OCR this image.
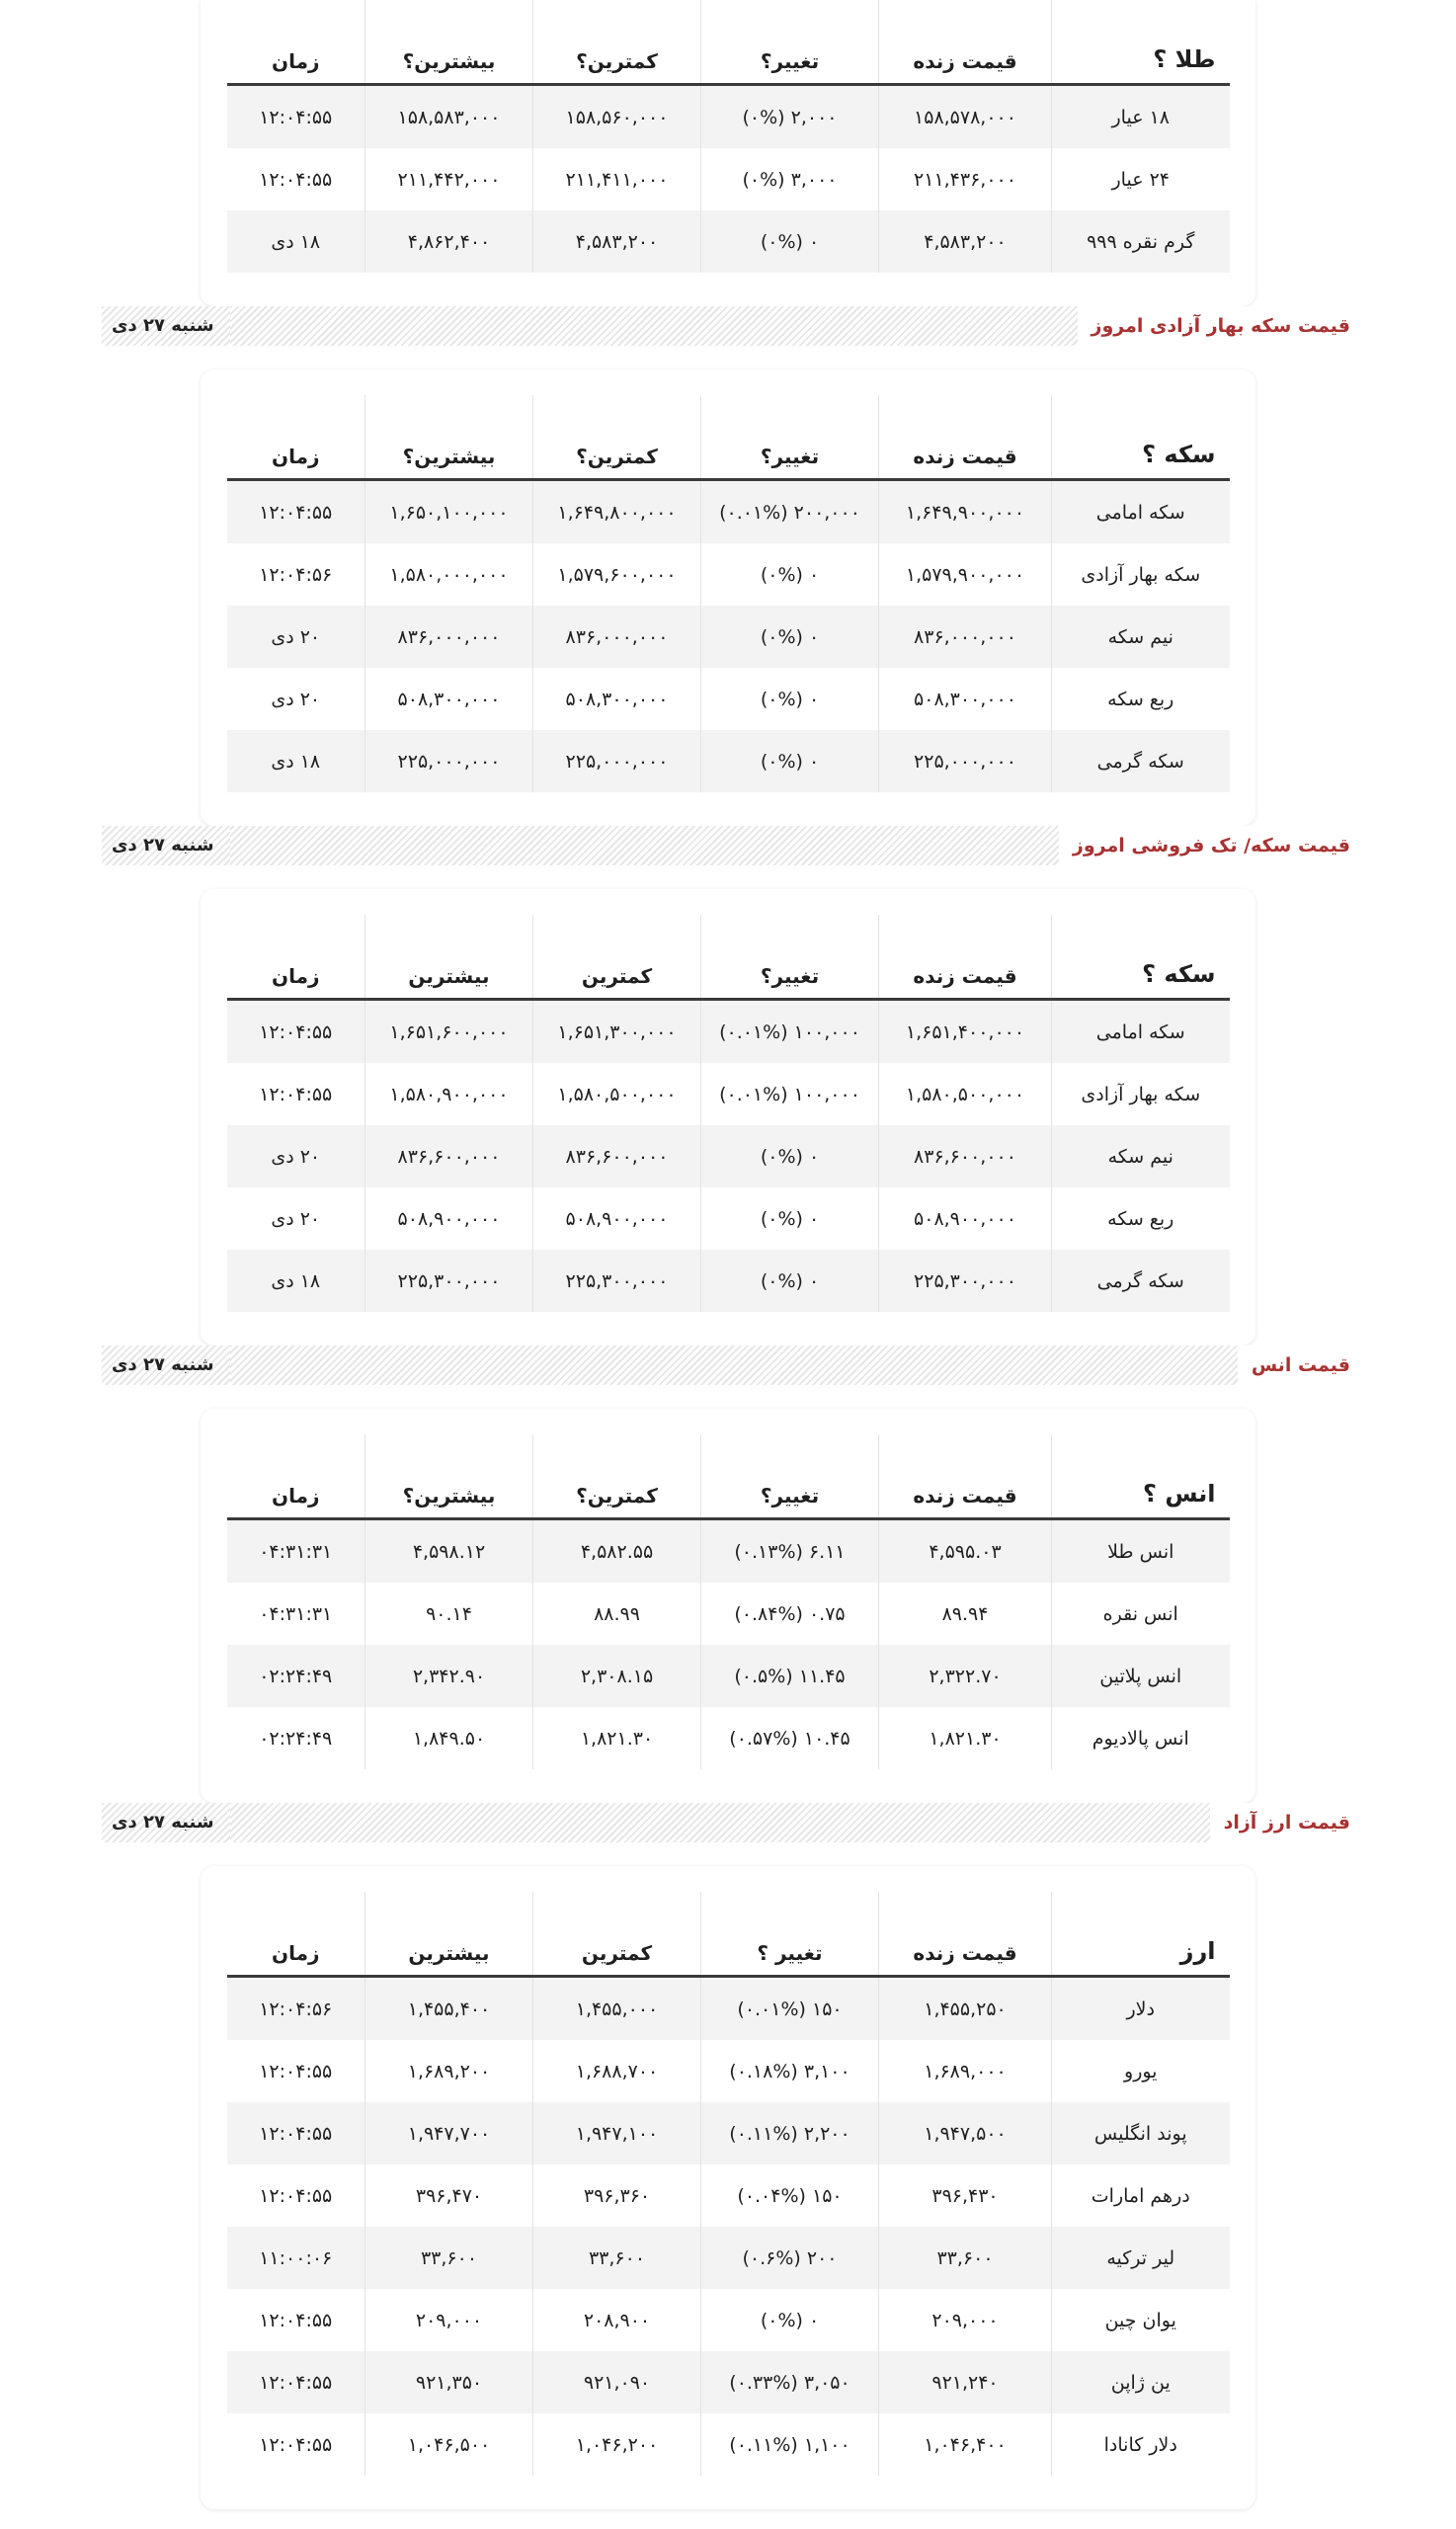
طلا ؟	قیمت زنده	تغییر؟	کمترین؟	بیشترین؟	زمان
۱۸ عیار	۱۵۸,۵۷۸,۰۰۰	۲,۰۰۰ (۰%)	۱۵۸,۵۶۰,۰۰۰	۱۵۸,۵۸۳,۰۰۰	۱۲:۰۴:۵۵
۲۴ عیار	۲۱۱,۴۳۶,۰۰۰	۳,۰۰۰ (۰%)	۲۱۱,۴۱۱,۰۰۰	۲۱۱,۴۴۲,۰۰۰	۱۲:۰۴:۵۵
گرم نقره ۹۹۹	۴,۵۸۳,۲۰۰	۰ (۰%)	۴,۵۸۳,۲۰۰	۴,۸۶۲,۴۰۰	۱۸ دی
قیمت سکه بهار آزادی امروز
شنبه ۲۷ دی
سکه ؟	قیمت زنده	تغییر؟	کمترین؟	بیشترین؟	زمان
سکه امامی	۱,۶۴۹,۹۰۰,۰۰۰	۲۰۰,۰۰۰ (۰.۰۱%)	۱,۶۴۹,۸۰۰,۰۰۰	۱,۶۵۰,۱۰۰,۰۰۰	۱۲:۰۴:۵۵
سکه بهار آزادی	۱,۵۷۹,۹۰۰,۰۰۰	۰ (۰%)	۱,۵۷۹,۶۰۰,۰۰۰	۱,۵۸۰,۰۰۰,۰۰۰	۱۲:۰۴:۵۶
نیم سکه	۸۳۶,۰۰۰,۰۰۰	۰ (۰%)	۸۳۶,۰۰۰,۰۰۰	۸۳۶,۰۰۰,۰۰۰	۲۰ دی
ربع سکه	۵۰۸,۳۰۰,۰۰۰	۰ (۰%)	۵۰۸,۳۰۰,۰۰۰	۵۰۸,۳۰۰,۰۰۰	۲۰ دی
سکه گرمی	۲۲۵,۰۰۰,۰۰۰	۰ (۰%)	۲۲۵,۰۰۰,۰۰۰	۲۲۵,۰۰۰,۰۰۰	۱۸ دی
قیمت سکه/ تک فروشی امروز
شنبه ۲۷ دی
سکه ؟	قیمت زنده	تغییر؟	کمترین	بیشترین	زمان
سکه امامی	۱,۶۵۱,۴۰۰,۰۰۰	۱۰۰,۰۰۰ (۰.۰۱%)	۱,۶۵۱,۳۰۰,۰۰۰	۱,۶۵۱,۶۰۰,۰۰۰	۱۲:۰۴:۵۵
سکه بهار آزادی	۱,۵۸۰,۵۰۰,۰۰۰	۱۰۰,۰۰۰ (۰.۰۱%)	۱,۵۸۰,۵۰۰,۰۰۰	۱,۵۸۰,۹۰۰,۰۰۰	۱۲:۰۴:۵۵
نیم سکه	۸۳۶,۶۰۰,۰۰۰	۰ (۰%)	۸۳۶,۶۰۰,۰۰۰	۸۳۶,۶۰۰,۰۰۰	۲۰ دی
ربع سکه	۵۰۸,۹۰۰,۰۰۰	۰ (۰%)	۵۰۸,۹۰۰,۰۰۰	۵۰۸,۹۰۰,۰۰۰	۲۰ دی
سکه گرمی	۲۲۵,۳۰۰,۰۰۰	۰ (۰%)	۲۲۵,۳۰۰,۰۰۰	۲۲۵,۳۰۰,۰۰۰	۱۸ دی
قیمت انس
شنبه ۲۷ دی
انس ؟	قیمت زنده	تغییر؟	کمترین؟	بیشترین؟	زمان
انس طلا	۴,۵۹۵.۰۳	۶.۱۱ (۰.۱۳%)	۴,۵۸۲.۵۵	۴,۵۹۸.۱۲	۰۴:۳۱:۳۱
انس نقره	۸۹.۹۴	۰.۷۵ (۰.۸۴%)	۸۸.۹۹	۹۰.۱۴	۰۴:۳۱:۳۱
انس پلاتین	۲,۳۲۲.۷۰	۱۱.۴۵ (۰.۵%)	۲,۳۰۸.۱۵	۲,۳۴۲.۹۰	۰۲:۲۴:۴۹
انس پالادیوم	۱,۸۲۱.۳۰	۱۰.۴۵ (۰.۵۷%)	۱,۸۲۱.۳۰	۱,۸۴۹.۵۰	۰۲:۲۴:۴۹
قیمت ارز آزاد
شنبه ۲۷ دی
ارز	قیمت زنده	تغییر ؟	کمترین	بیشترین	زمان
دلار	۱,۴۵۵,۲۵۰	۱۵۰ (۰.۰۱%)	۱,۴۵۵,۰۰۰	۱,۴۵۵,۴۰۰	۱۲:۰۴:۵۶
یورو	۱,۶۸۹,۰۰۰	۳,۱۰۰ (۰.۱۸%)	۱,۶۸۸,۷۰۰	۱,۶۸۹,۲۰۰	۱۲:۰۴:۵۵
پوند انگلیس	۱,۹۴۷,۵۰۰	۲,۲۰۰ (۰.۱۱%)	۱,۹۴۷,۱۰۰	۱,۹۴۷,۷۰۰	۱۲:۰۴:۵۵
درهم امارات	۳۹۶,۴۳۰	۱۵۰ (۰.۰۴%)	۳۹۶,۳۶۰	۳۹۶,۴۷۰	۱۲:۰۴:۵۵
لیر ترکیه	۳۳,۶۰۰	۲۰۰ (۰.۶%)	۳۳,۶۰۰	۳۳,۶۰۰	۱۱:۰۰:۰۶
یوان چین	۲۰۹,۰۰۰	۰ (۰%)	۲۰۸,۹۰۰	۲۰۹,۰۰۰	۱۲:۰۴:۵۵
ین ژاپن	۹۲۱,۲۴۰	۳,۰۵۰ (۰.۳۳%)	۹۲۱,۰۹۰	۹۲۱,۳۵۰	۱۲:۰۴:۵۵
دلار کانادا	۱,۰۴۶,۴۰۰	۱,۱۰۰ (۰.۱۱%)	۱,۰۴۶,۲۰۰	۱,۰۴۶,۵۰۰	۱۲:۰۴:۵۵
